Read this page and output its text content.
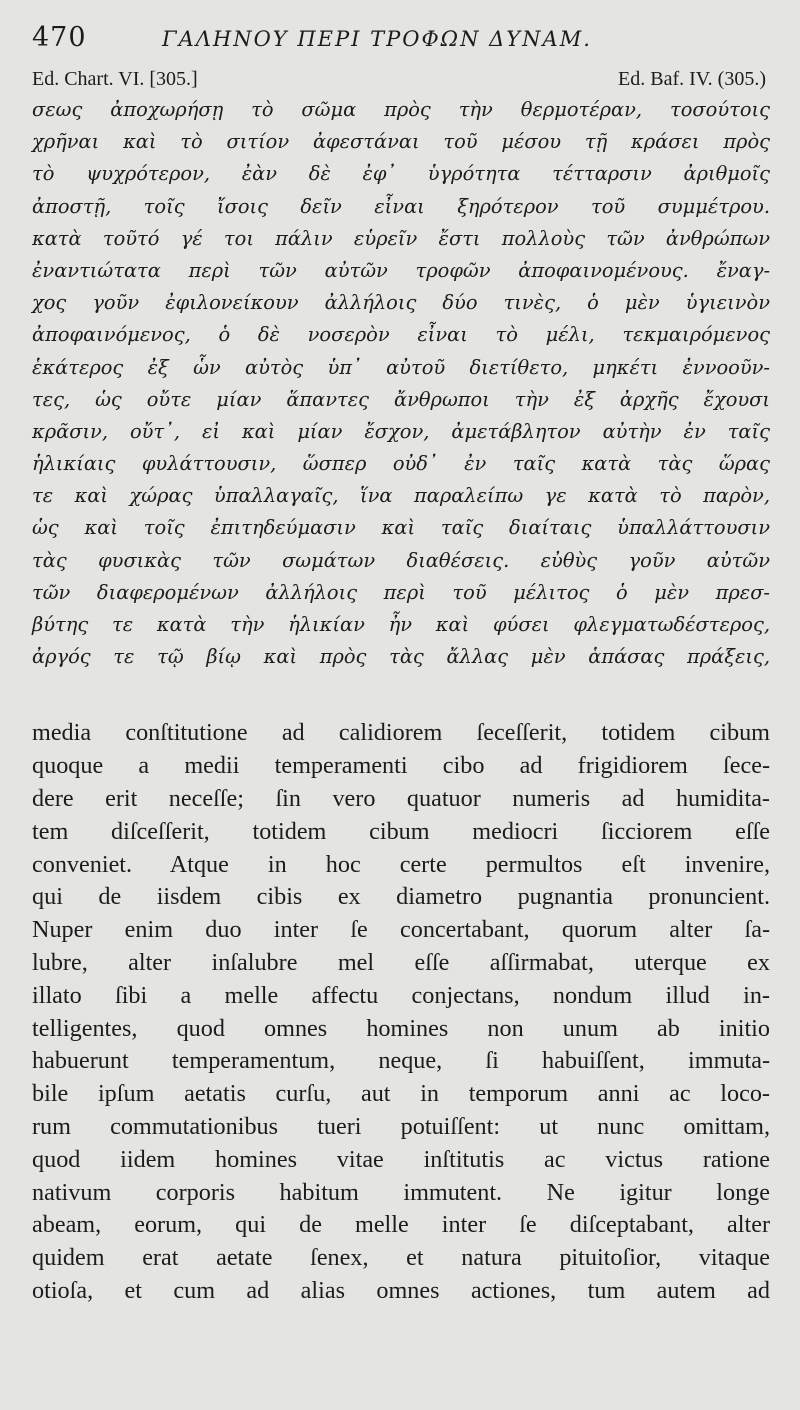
470	ΓΑΛΗΝΟΥ ΠΕΡΙ ΤΡΟΦΩΝ ΔΥΝΑΜ.
Ed. Chart. VI. [305.]	Ed. Baf. IV. (305.)
σεως ἀποχωρήσῃ τὸ σῶμα πρὸς τὴν θερμοτέραν, τοσούτοις
χρῆναι καὶ τὸ σιτίον ἀφεστάναι τοῦ μέσου τῇ κράσει πρὸς
τὸ ψυχρότερον, ἐὰν δὲ ἐφ᾽ ὑγρότητα τέτταρσιν ἀριθμοῖς
ἀποστῇ, τοῖς ἴσοις δεῖν εἶναι ξηρότερον τοῦ συμμέτρου.
κατὰ τοῦτό γέ τοι πάλιν εὑρεῖν ἔστι πολλοὺς τῶν ἀνθρώπων
ἐναντιώτατα περὶ τῶν αὐτῶν τροφῶν ἀποφαινομένους. ἔναγ-
χος γοῦν ἐφιλονείκουν ἀλλήλοις δύο τινὲς, ὁ μὲν ὑγιεινὸν
ἀποφαινόμενος, ὁ δὲ νοσερὸν εἶναι τὸ μέλι, τεκμαιρόμενος
ἑκάτερος ἐξ ὧν αὐτὸς ὑπ᾽ αὐτοῦ διετίθετο, μηκέτι ἐννοοῦν-
τες, ὡς οὔτε μίαν ἅπαντες ἄνθρωποι τὴν ἐξ ἀρχῆς ἔχουσι
κρᾶσιν, οὔτ᾽, εἰ καὶ μίαν ἔσχον, ἀμετάβλητον αὐτὴν ἐν ταῖς
ἡλικίαις φυλάττουσιν, ὥσπερ οὐδ᾽ ἐν ταῖς κατὰ τὰς ὥρας
τε καὶ χώρας ὑπαλλαγαῖς, ἵνα παραλείπω γε κατὰ τὸ παρὸν,
ὡς καὶ τοῖς ἐπιτηδεύμασιν καὶ ταῖς διαίταις ὑπαλλάττουσιν
τὰς φυσικὰς τῶν σωμάτων διαθέσεις. εὐθὺς γοῦν αὐτῶν
τῶν διαφερομένων ἀλλήλοις περὶ τοῦ μέλιτος ὁ μὲν πρεσ-
βύτης τε κατὰ τὴν ἡλικίαν ἦν καὶ φύσει φλεγματωδέστερος,
ἀργός τε τῷ βίῳ καὶ πρὸς τὰς ἄλλας μὲν ἁπάσας πράξεις,
media conſtitutione ad calidiorem ſeceſſerit, totidem cibum
quoque a medii temperamenti cibo ad frigidiorem ſece-
dere erit neceſſe; ſin vero quatuor numeris ad humidita-
tem diſceſſerit, totidem cibum mediocri ſicciorem eſſe
conveniet. Atque in hoc certe permultos eſt invenire,
qui de iisdem cibis ex diametro pugnantia pronuncient.
Nuper enim duo inter ſe concertabant, quorum alter ſa-
lubre, alter inſalubre mel eſſe aſſirmabat, uterque ex
illato ſibi a melle affectu conjectans, nondum illud in-
telligentes, quod omnes homines non unum ab initio
habuerunt temperamentum, neque, ſi habuiſſent, immuta-
bile ipſum aetatis curſu, aut in temporum anni ac loco-
rum commutationibus tueri potuiſſent: ut nunc omittam,
quod iidem homines vitae inſtitutis ac victus ratione
nativum corporis habitum immutent. Ne igitur longe
abeam, eorum, qui de melle inter ſe diſceptabant, alter
quidem erat aetate ſenex, et natura pituitoſior, vitaque
otioſa, et cum ad alias omnes actiones, tum autem ad
